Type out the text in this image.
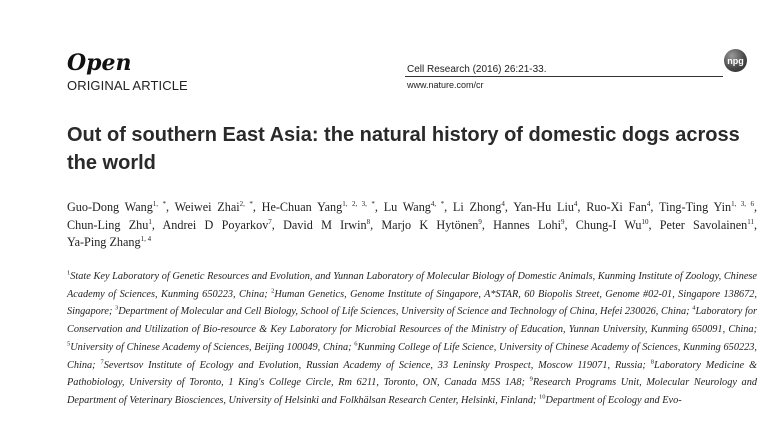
Open
ORIGINAL ARTICLE
Cell Research (2016) 26:21-33.
www.nature.com/cr
npg
Out of southern East Asia: the natural history of domestic dogs across the world

Guo-Dong Wang$^{1, *}$, Weiwei Zhai$^{2, *}$, He-Chuan Yang$^{1, 2, 3, *}$, Lu Wang$^{4, *}$, Li Zhong$^4$, Yan-Hu Liu$^4$, Ruo-Xi Fan$^4$, Ting-Ting Yin$^{1, 3, 6}$, Chun-Ling Zhu$^1$, Andrei D Poyarkov$^7$, David M Irwin$^8$, Marjo K Hytönen$^9$, Hannes Lohi$^9$, Chung-I Wu$^{10}$, Peter Savolainen$^{11}$, Ya-Ping Zhang$^{1, 4}$

$^1$State Key Laboratory of Genetic Resources and Evolution, and Yunnan Laboratory of Molecular Biology of Domestic Animals, Kunming Institute of Zoology, Chinese Academy of Sciences, Kunming 650223, China; $^2$Human Genetics, Genome Institute of Singapore, A*STAR, 60 Biopolis Street, Genome #02-01, Singapore 138672, Singapore; $^3$Department of Molecular and Cell Biology, School of Life Sciences, University of Science and Technology of China, Hefei 230026, China; $^4$Laboratory for Conservation and Utilization of Bio-resource & Key Laboratory for Microbial Resources of the Ministry of Education, Yunnan University, Kunming 650091, China; $^5$University of Chinese Academy of Sciences, Beijing 100049, China; $^6$Kunming College of Life Science, University of Chinese Academy of Sciences, Kunming 650223, China; $^7$Severtsov Institute of Ecology and Evolution, Russian Academy of Science, 33 Leninsky Prospect, Moscow 119071, Russia; $^8$Laboratory Medicine & Pathobiology, University of Toronto, 1 King's College Circle, Rm 6211, Toronto, ON, Canada M5S 1A8; $^9$Research Programs Unit, Molecular Neurology and Department of Veterinary Biosciences, University of Helsinki and Folkhälsan Research Center, Helsinki, Finland; $^{10}$Department of Ecology and Evo-
